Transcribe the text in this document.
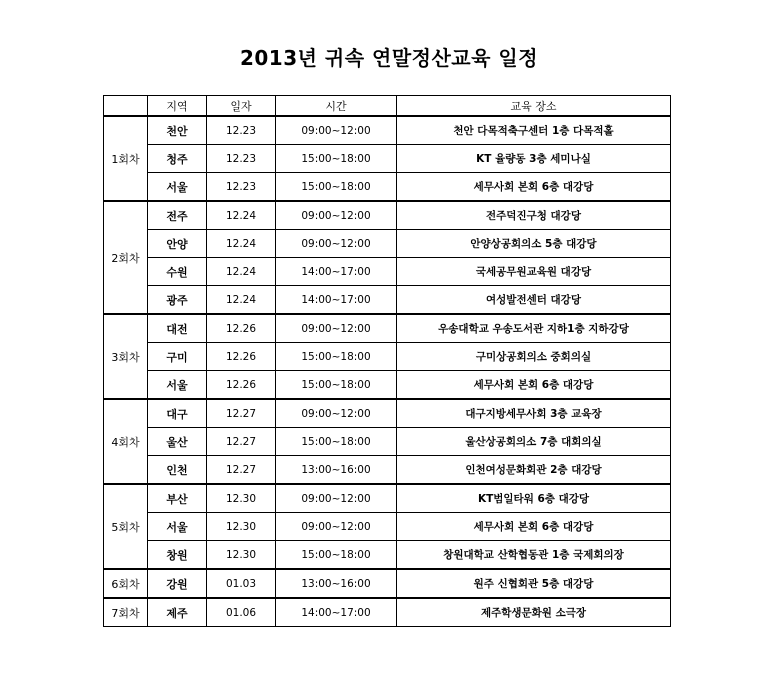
2013년 귀속 연말정산교육 일정
	지역	일자	시간	교육 장소
1회차	천안	12.23	09:00~12:00	천안 다목적축구센터 1층 다목적홀
	청주	12.23	15:00~18:00	KT 율량동 3층 세미나실
	서울	12.23	15:00~18:00	세무사회 본회 6층 대강당
2회차	전주	12.24	09:00~12:00	전주덕진구청 대강당
	안양	12.24	09:00~12:00	안양상공회의소 5층 대강당
	수원	12.24	14:00~17:00	국세공무원교육원 대강당
	광주	12.24	14:00~17:00	여성발전센터 대강당
3회차	대전	12.26	09:00~12:00	우송대학교 우송도서관 지하1층 지하강당
	구미	12.26	15:00~18:00	구미상공회의소 중회의실
	서울	12.26	15:00~18:00	세무사회 본회 6층 대강당
4회차	대구	12.27	09:00~12:00	대구지방세무사회 3층 교육장
	울산	12.27	15:00~18:00	울산상공회의소 7층 대회의실
	인천	12.27	13:00~16:00	인천여성문화회관 2층 대강당
5회차	부산	12.30	09:00~12:00	KT범일타워 6층 대강당
	서울	12.30	09:00~12:00	세무사회 본회 6층 대강당
	창원	12.30	15:00~18:00	창원대학교 산학협동관 1층 국제회의장
6회차	강원	01.03	13:00~16:00	원주 신협회관 5층 대강당
7회차	제주	01.06	14:00~17:00	제주학생문화원 소극장
